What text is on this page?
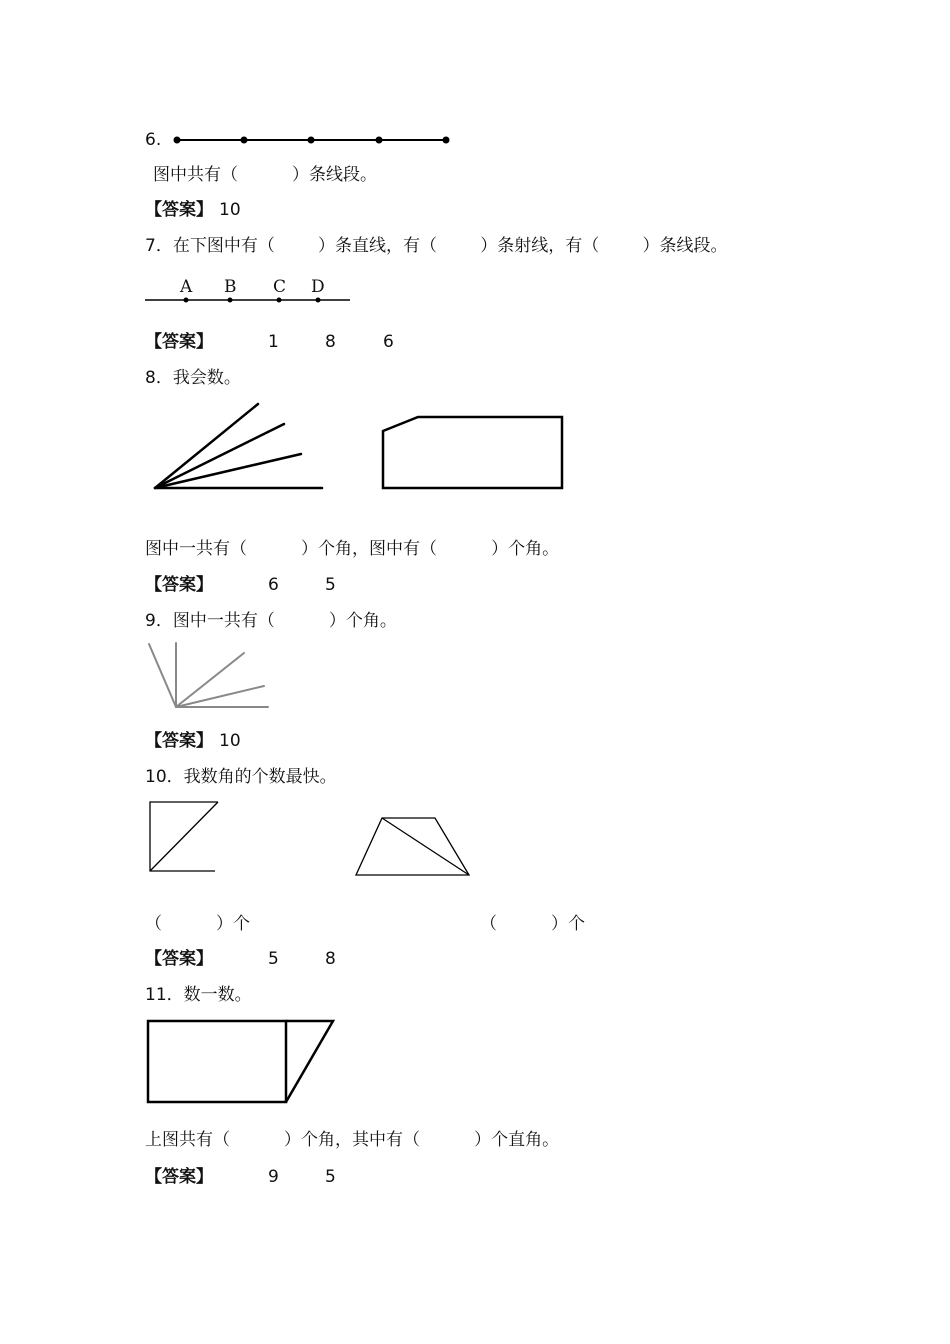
6.
图中共有（          ）条线段。
【答案】 10
7．在下图中有（        ）条直线，有（        ）条射线，有（        ）条线段。
A B C D
【答案】	1	8	6
8．我会数。
图中一共有（          ）个角，图中有（          ）个角。
【答案】	6	5
9．图中一共有（          ）个角。
【答案】 10
10．我数角的个数最快。
（          ）个	（          ）个
【答案】	5	8
11．数一数。
上图共有（          ）个角，其中有（          ）个直角。
【答案】	9	5
